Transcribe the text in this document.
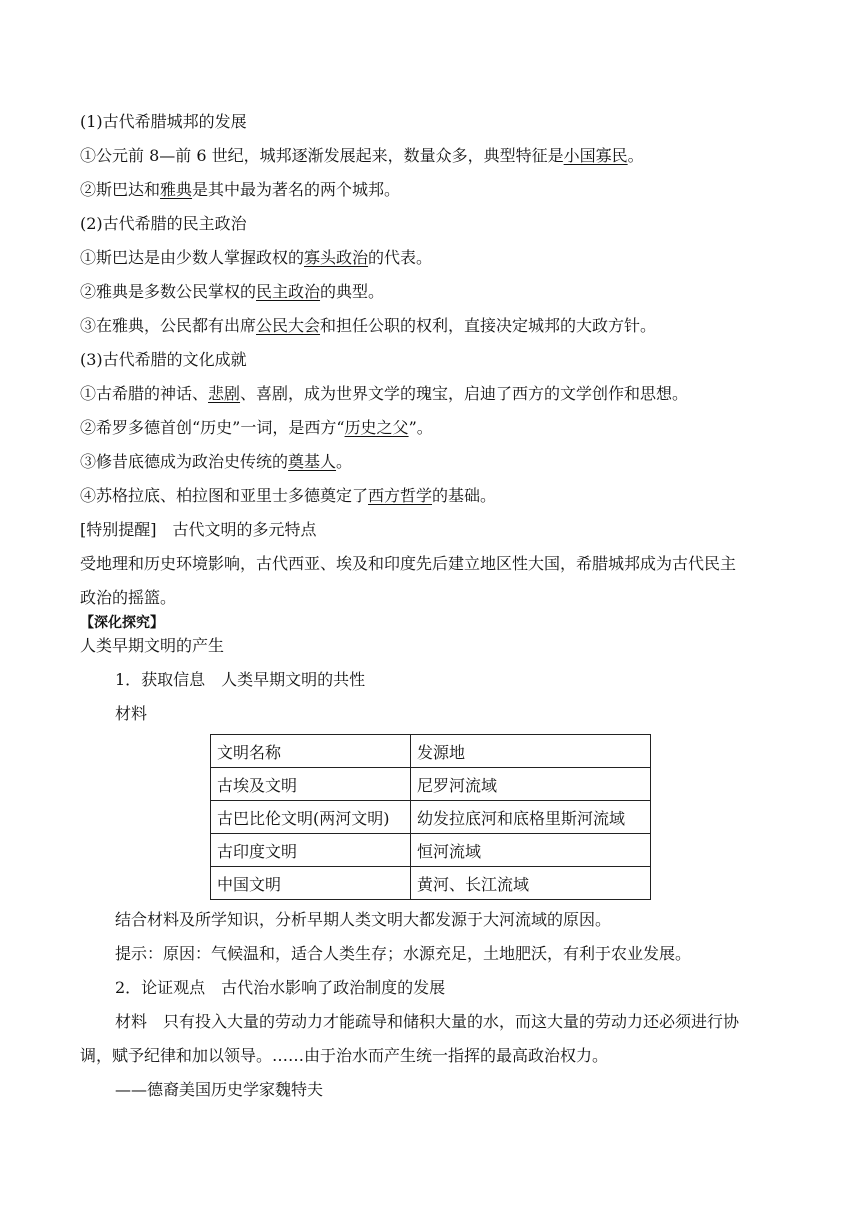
(1)古代希腊城邦的发展
①公元前 8—前 6 世纪，城邦逐渐发展起来，数量众多，典型特征是小国寡民。
②斯巴达和雅典是其中最为著名的两个城邦。
(2)古代希腊的民主政治
①斯巴达是由少数人掌握政权的寡头政治的代表。
②雅典是多数公民掌权的民主政治的典型。
③在雅典，公民都有出席公民大会和担任公职的权利，直接决定城邦的大政方针。
(3)古代希腊的文化成就
①古希腊的神话、悲剧、喜剧，成为世界文学的瑰宝，启迪了西方的文学创作和思想。
②希罗多德首创“历史”一词，是西方“历史之父”。
③修昔底德成为政治史传统的奠基人。
④苏格拉底、柏拉图和亚里士多德奠定了西方哲学的基础。
[特别提醒]　古代文明的多元特点
受地理和历史环境影响，古代西亚、埃及和印度先后建立地区性大国，希腊城邦成为古代民主
政治的摇篮。
【深化探究】
人类早期文明的产生
1．获取信息　人类早期文明的共性
材料
文明名称	发源地
古埃及文明	尼罗河流域
古巴比伦文明(两河文明)	幼发拉底河和底格里斯河流域
古印度文明	恒河流域
中国文明	黄河、长江流域
结合材料及所学知识，分析早期人类文明大都发源于大河流域的原因。
提示：原因：气候温和，适合人类生存；水源充足，土地肥沃，有利于农业发展。
2．论证观点　古代治水影响了政治制度的发展
材料　只有投入大量的劳动力才能疏导和储积大量的水，而这大量的劳动力还必须进行协
调，赋予纪律和加以领导。……由于治水而产生统一指挥的最高政治权力。
——德裔美国历史学家魏特夫
